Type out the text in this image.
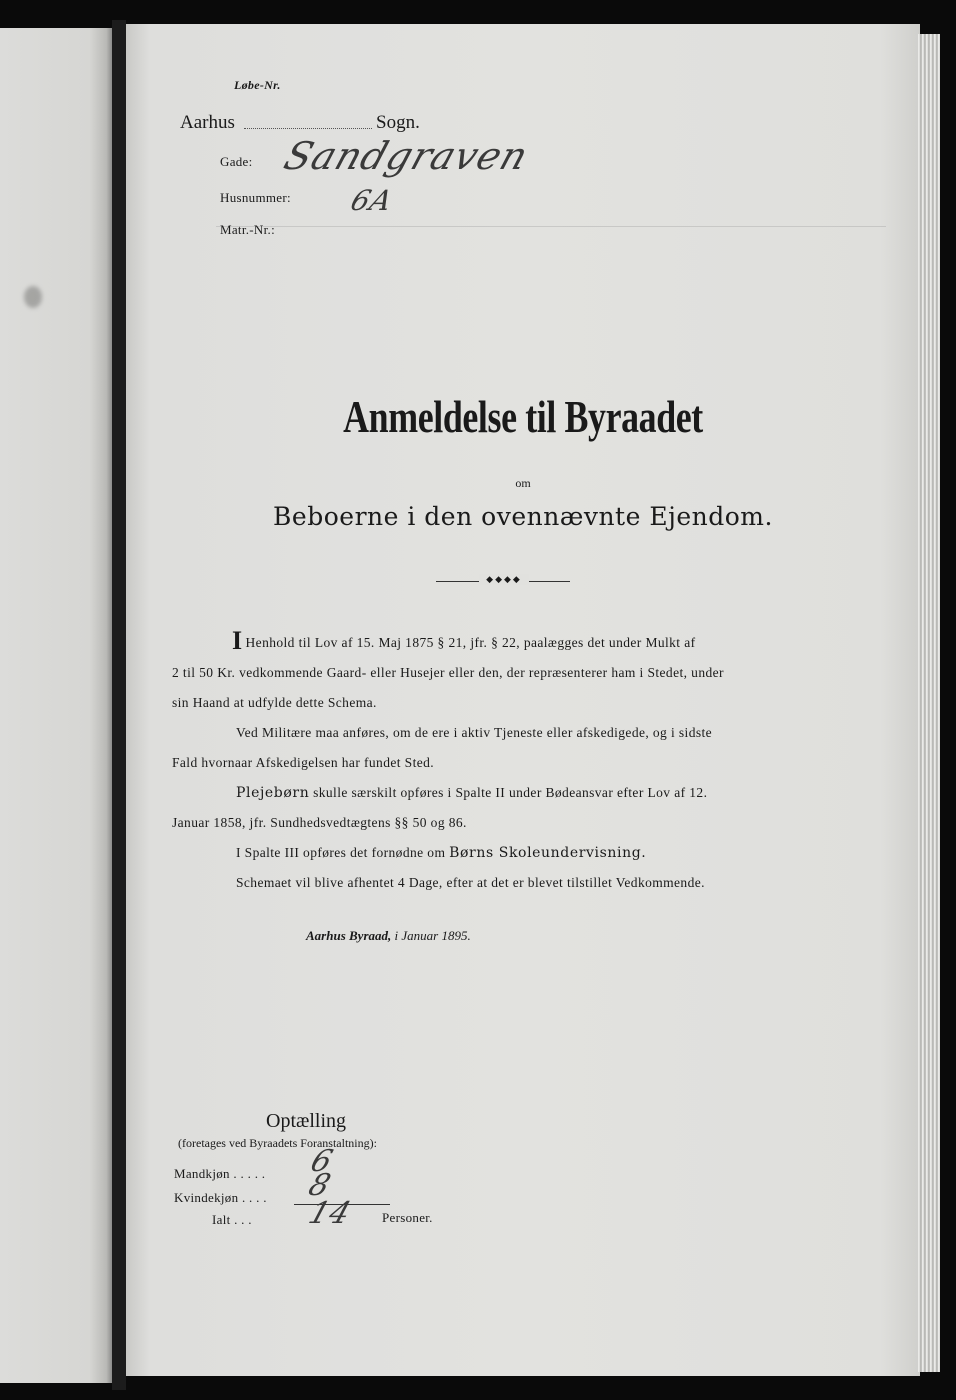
Løbe-Nr.
Aarhus	Sogn.
Gade: Sandgraven
Husnummer: 6A
Matr.-Nr.:
Anmeldelse til Byraadet
om
Beboerne i den ovennævnte Ejendom.
◆◆◆◆
I Henhold til Lov af 15. Maj 1875 § 21, jfr. § 22, paalægges det under Mulkt af
2 til 50 Kr. vedkommende Gaard- eller Husejer eller den, der repræsenterer ham i Stedet, under
sin Haand at udfylde dette Schema.
Ved Militære maa anføres, om de ere i aktiv Tjeneste eller afskedigede, og i sidste
Fald hvornaar Afskedigelsen har fundet Sted.
Plejebørn skulle særskilt opføres i Spalte II under Bødeansvar efter Lov af 12.
Januar 1858, jfr. Sundhedsvedtægtens §§ 50 og 86.
I Spalte III opføres det fornødne om Børns Skoleundervisning.
Schemaet vil blive afhentet 4 Dage, efter at det er blevet tilstillet Vedkommende.
Aarhus Byraad, i Januar 1895.
Optælling
(foretages ved Byraadets Foranstaltning):
Mandkjøn . . . . . 6
Kvindekjøn . . . . 8
Ialt . . . 14 Personer.
